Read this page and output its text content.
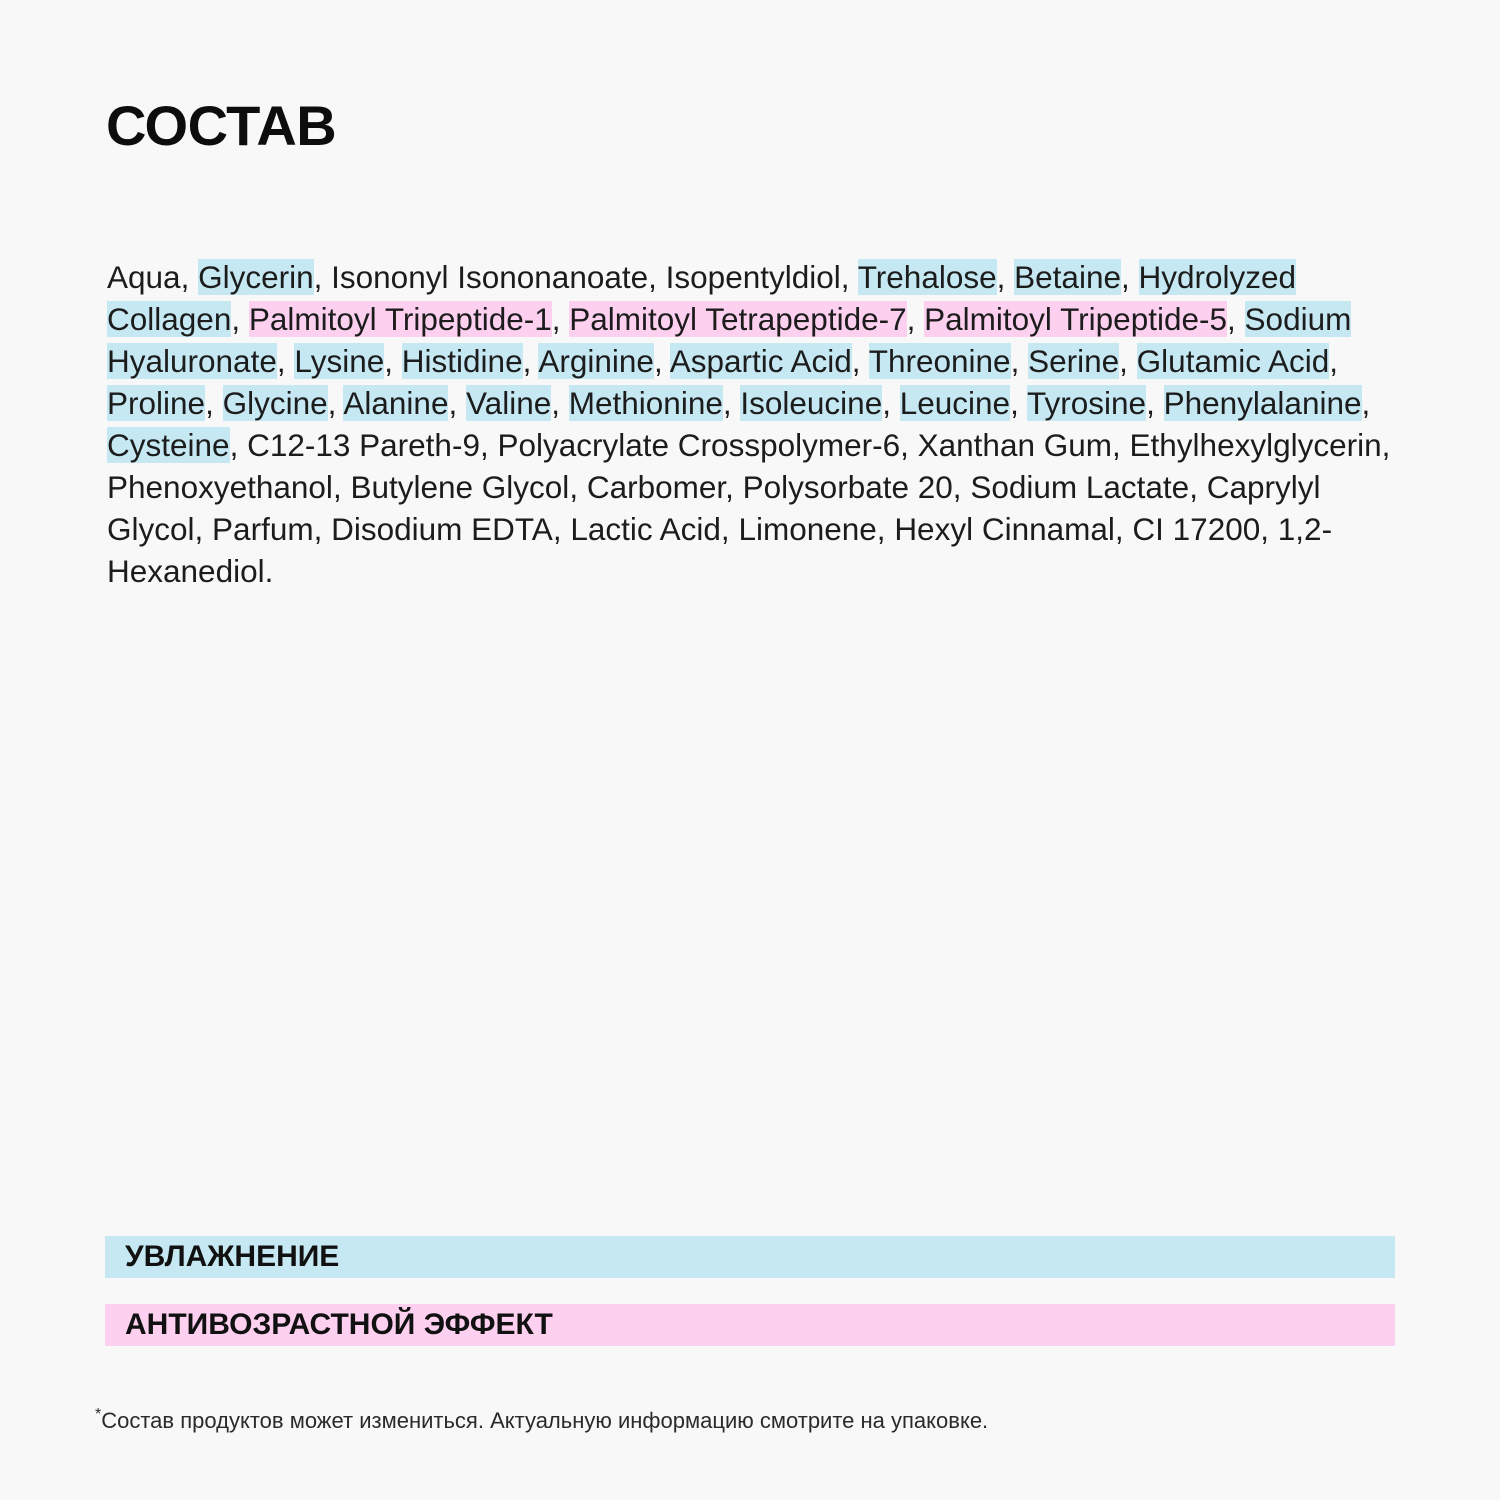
СОСТАВ
Aqua, Glycerin, Isononyl Isononanoate, Isopentyldiol, Trehalose, Betaine, Hydrolyzed Collagen, Palmitoyl Tripeptide-1, Palmitoyl Tetrapeptide-7, Palmitoyl Tripeptide-5, Sodium Hyaluronate, Lysine, Histidine, Arginine, Aspartic Acid, Threonine, Serine, Glutamic Acid, Proline, Glycine, Alanine, Valine, Methionine, Isoleucine, Leucine, Tyrosine, Phenylalanine, Cysteine, C12-13 Pareth-9, Polyacrylate Crosspolymer-6, Xanthan Gum, Ethylhexylglycerin, Phenoxyethanol, Butylene Glycol, Carbomer, Polysorbate 20, Sodium Lactate, Caprylyl Glycol, Parfum, Disodium EDTA, Lactic Acid, Limonene, Hexyl Cinnamal, CI 17200, 1,2-Hexanediol.
УВЛАЖНЕНИЕ
АНТИВОЗРАСТНОЙ ЭФФЕКТ
*Состав продуктов может измениться. Актуальную информацию смотрите на упаковке.
